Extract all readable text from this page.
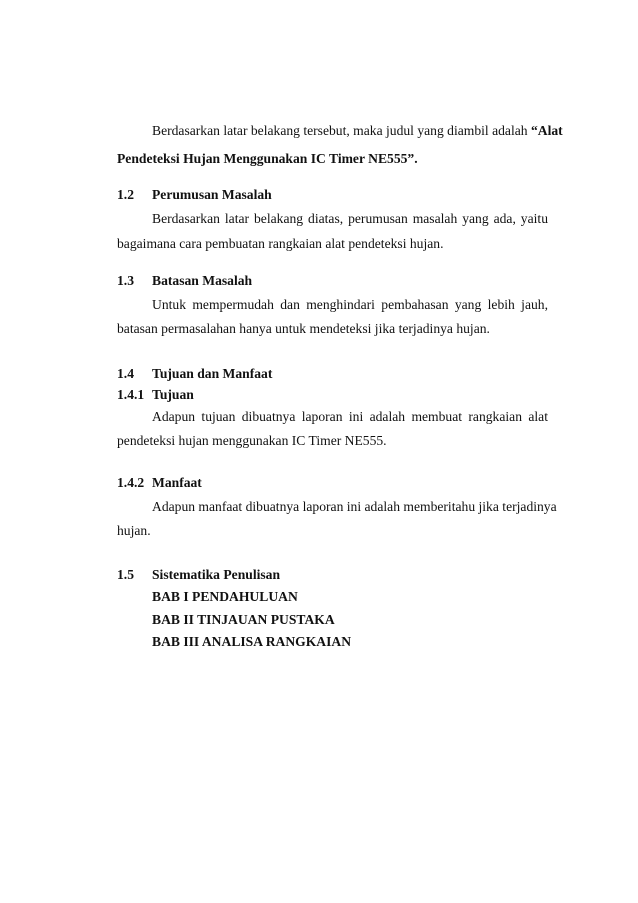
Berdasarkan latar belakang tersebut, maka judul yang diambil adalah “Alat
Pendeteksi Hujan Menggunakan IC Timer NE555”.
1.2 Perumusan Masalah
Berdasarkan latar belakang diatas, perumusan masalah yang ada, yaitu
bagaimana cara pembuatan rangkaian alat pendeteksi hujan.
1.3 Batasan Masalah
Untuk mempermudah dan menghindari pembahasan yang lebih jauh,
batasan permasalahan hanya untuk mendeteksi jika terjadinya hujan.
1.4 Tujuan dan Manfaat
1.4.1 Tujuan
Adapun tujuan dibuatnya laporan ini adalah membuat rangkaian alat
pendeteksi hujan menggunakan IC Timer NE555.
1.4.2 Manfaat
Adapun manfaat dibuatnya laporan ini adalah memberitahu jika terjadinya
hujan.
1.5 Sistematika Penulisan
BAB I PENDAHULUAN
BAB II TINJAUAN PUSTAKA
BAB III ANALISA RANGKAIAN
